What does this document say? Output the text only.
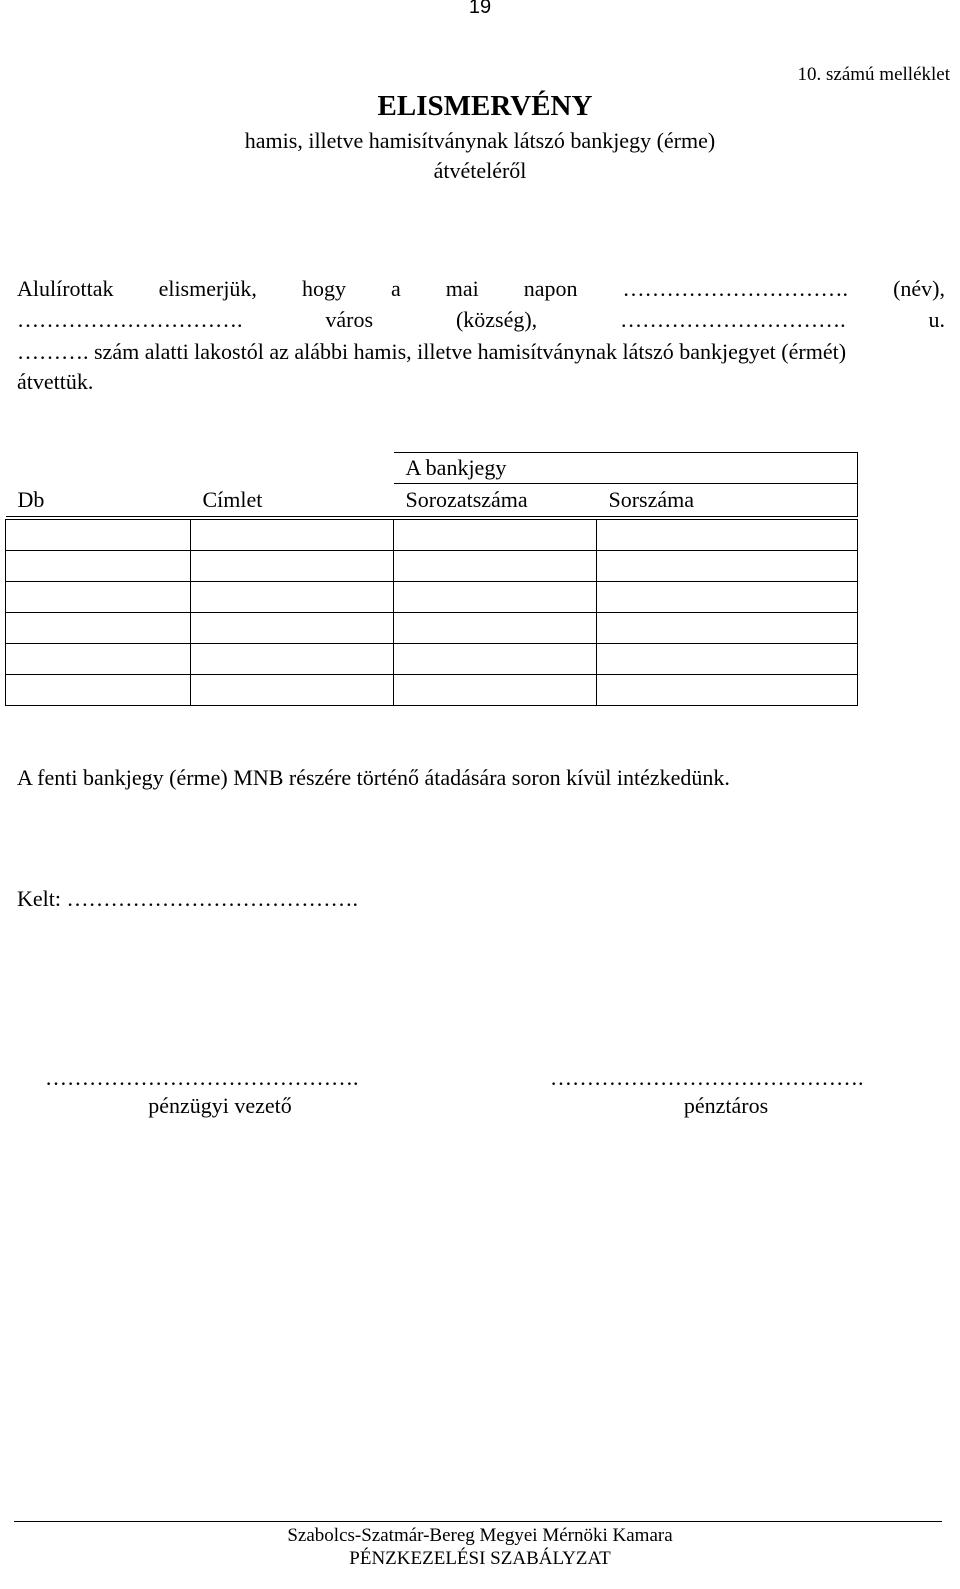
19
10. számú melléklet
ELISMERVÉNY
hamis, illetve hamisítványnak látszó bankjegy (érme)
átvételéről
Alulírottak elismerjük, hogy a mai napon …………………………. (név),
………………………….	város	(község),	………………………….	u.
………. szám alatti lakostól az alábbi hamis, illetve hamisítványnak látszó bankjegyet (érmét)
átvettük.
		A bankjegy	
Db	Címlet	Sorozatszáma	Sorszáma

A fenti bankjegy (érme) MNB részére történő átadására soron kívül intézkedünk.
Kelt: ………………………………….
…………………………………….
pénzügyi vezető
…………………………………….
pénztáros
Szabolcs-Szatmár-Bereg Megyei Mérnöki Kamara
PÉNZKEZELÉSI SZABÁLYZAT
